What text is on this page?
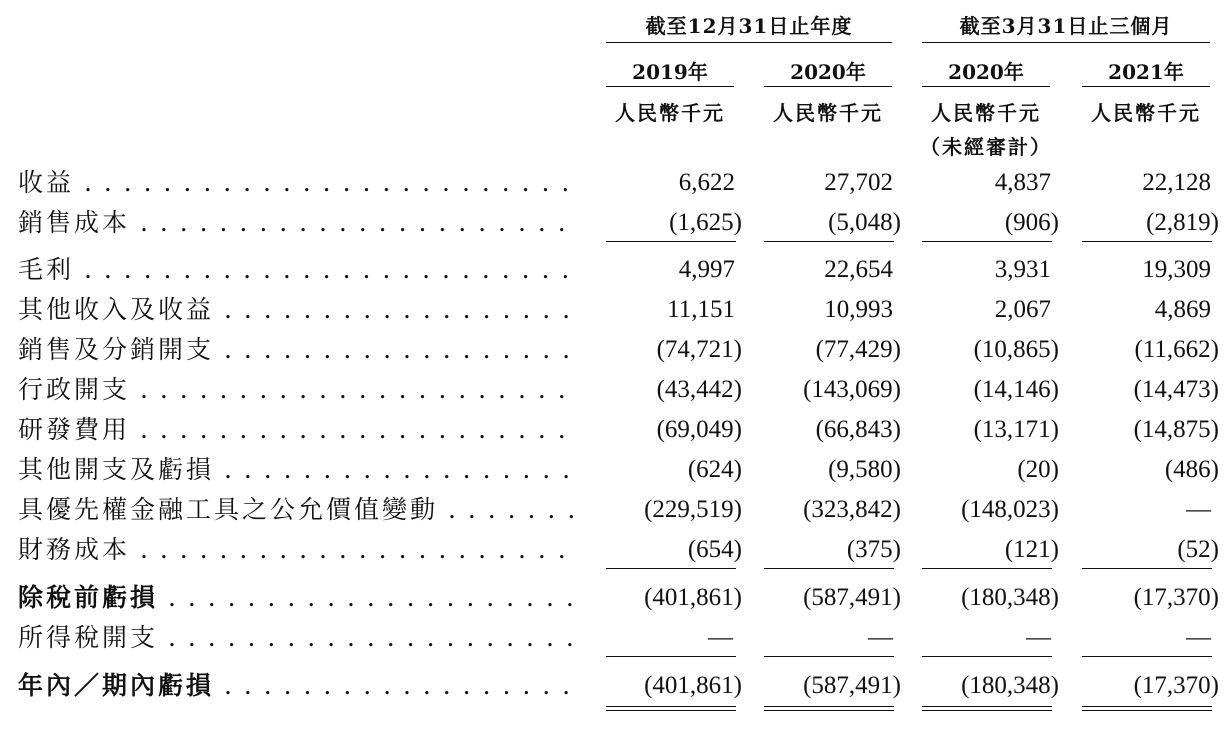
截至12月31日止年度	截至3月31日止三個月
2019年	2020年	2020年	2021年
人民幣千元	人民幣千元	人民幣千元	人民幣千元
（未經審計）
收益 . . .	6,622	27,702	4,837	22,128
銷售成本 . . .	(1,625)	(5,048)	(906)	(2,819)
毛利 . . .	4,997	22,654	3,931	19,309
其他收入及收益 . . .	11,151	10,993	2,067	4,869
銷售及分銷開支 . . .	(74,721)	(77,429)	(10,865)	(11,662)
行政開支 . . .	(43,442)	(143,069)	(14,146)	(14,473)
研發費用 . . .	(69,049)	(66,843)	(13,171)	(14,875)
其他開支及虧損 . . .	(624)	(9,580)	(20)	(486)
具優先權金融工具之公允價值變動 . . .	(229,519)	(323,842)	(148,023)	—
財務成本 . . .	(654)	(375)	(121)	(52)
除稅前虧損 . . .	(401,861)	(587,491)	(180,348)	(17,370)
所得稅開支 . . .	—	—	—	—
年內／期內虧損 . . .	(401,861)	(587,491)	(180,348)	(17,370)
